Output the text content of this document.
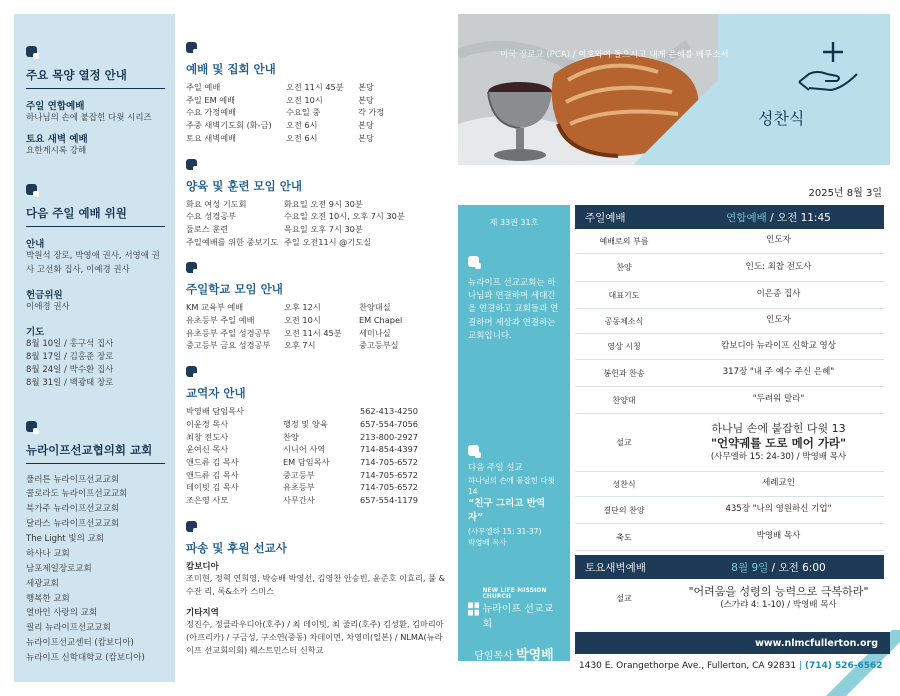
주요 목양 열정 안내
주일 연합예배
하나님의 손에 붙잡힌 다윗 시리즈
토요 새벽 예배
요한계시록 강해
다음 주일 예배 위원
안내
박원석 장로, 박영애 권사, 서영애 권사 고선화 집사, 이예경 권사
헌금위원
이애경 권사
기도
8월 10일 / 홍구석 집사
8월 17일 / 김홍준 장로
8월 24일 / 박수환 집사
8월 31일 / 백광태 장로
뉴라이프선교협의회 교회
풀러튼 뉴라이프선교교회
콜로라도 뉴라이프선교교회
북가주 뉴라이프선교교회
달라스 뉴라이프선교교회
The Light 빛의 교회
하사나 교회
남포제일장로교회
세광교회
행복한 교회
열바인 사랑의 교회
필리 뉴라이프선교교회
뉴라이프선교센터 (캄보디아)
뉴라이프 신학대학교 (캄보디아)
예배 및 집회 안내
주일 예배	오전 11시 45분	본당
주일 EM 예배	오전 10시	본당
수요 가정예배	수요일 중	각 가정
주중 새벽기도회 (화-금)	오전 6시	본당
토요 새벽예배	오전 6시	본당
양육 및 훈련 모임 안내
화요 여성 기도회	화요일 오전 9시 30분
수요 성경공부	수요일 오전 10시, 오후 7시 30분
둘로스 훈련	목요일 오후 7시 30분
주일예배를 위한 중보기도 주일 오전11시 @기도실
주일학교 모임 안내
KM 교육부 예배	오후 12시	찬양대실
유초등부 주일 예배	오전 10시	EM Chapel
유초등부 주일 성경공부	오전 11시 45분	세미나실
중고등부 금요 성경공부	오후 7시	중고등부실
교역자 안내
박영배 담임목사	562-413-4250
이윤경 목사	행정 및 양육	657-554-7056
최창 전도사	찬양	213-800-2927
윤여신 목사	시니어 사역	714-854-4397
앤드류 김 목사	EM 담임목사	714-705-6572
앤드류 김 목사	중고등부	714-705-6572
데이빗 김 목사	유초등부	714-705-6572
조은영 사모	사무간사	657-554-1179
파송 및 후원 선교사
캄보디아
조미현, 정혁 연희영, 박승배 박영선, 김영찬 안승빈, 윤준호 이효리, 풀 & 수잔 리, 록&소카 스미스
기타지역
정진수, 정클라우디아(호주) / 최 데이빗, 최 줄리(호주) 김성환, 김마리아(아프리카) / 구금성, 구소연(중동) 차데이먼, 차영미(일본) / NLMA(뉴라이프 선교회의회) 웨스트민스터 신학교
미국 장로교 (PCA) / 여호와여 들으시고 내게 은혜를 베푸소서
성찬식
2025년 8월 3일
제 33권 31호
뉴라이프 선교교회는 하나님과 연결하며 세대간을 연결하고 교회들과 연결하며 세상과 연결하는 교회입니다.
다음 주일 설교
하나님의 손에 붙잡힌 다윗 14
“친구 그리고 반역자”
(사무엘하 15: 31-37)
박영배 목사
NEW LIFE MISSION CHURCH
뉴라이프 선교교회
담임목사 박영배
주일예배	연합예배 / 오전 11:45
예배로의 부름	인도자
찬양	인도: 최찹 전도사
대표기도	이은종 집사
공동체소식	인도자
영상 시청	캄보디아 뉴라이프 신학교 영상
봉헌과 찬송	317장 "내 주 예수 주신 은혜"
찬양대	"두려워 말라"
설교
하나님 손에 붙잡힌 다윗 13
"언약궤를 도로 메어 가라"
(사무엘하 15: 24-30) / 박영배 목사
성찬식	세례교인
결단의 찬양	435장 "나의 영원하신 기업"
축도	박영배 목사
토요새벽예배	8월 9일 / 오전 6:00
설교
"어려움을 성령의 능력으로 극복하라"
(스가랴 4: 1-10) / 박영배 목사
www.nlmcfullerton.org
1430 E. Orangethorpe Ave., Fullerton, CA 92831 | (714) 526-6562
